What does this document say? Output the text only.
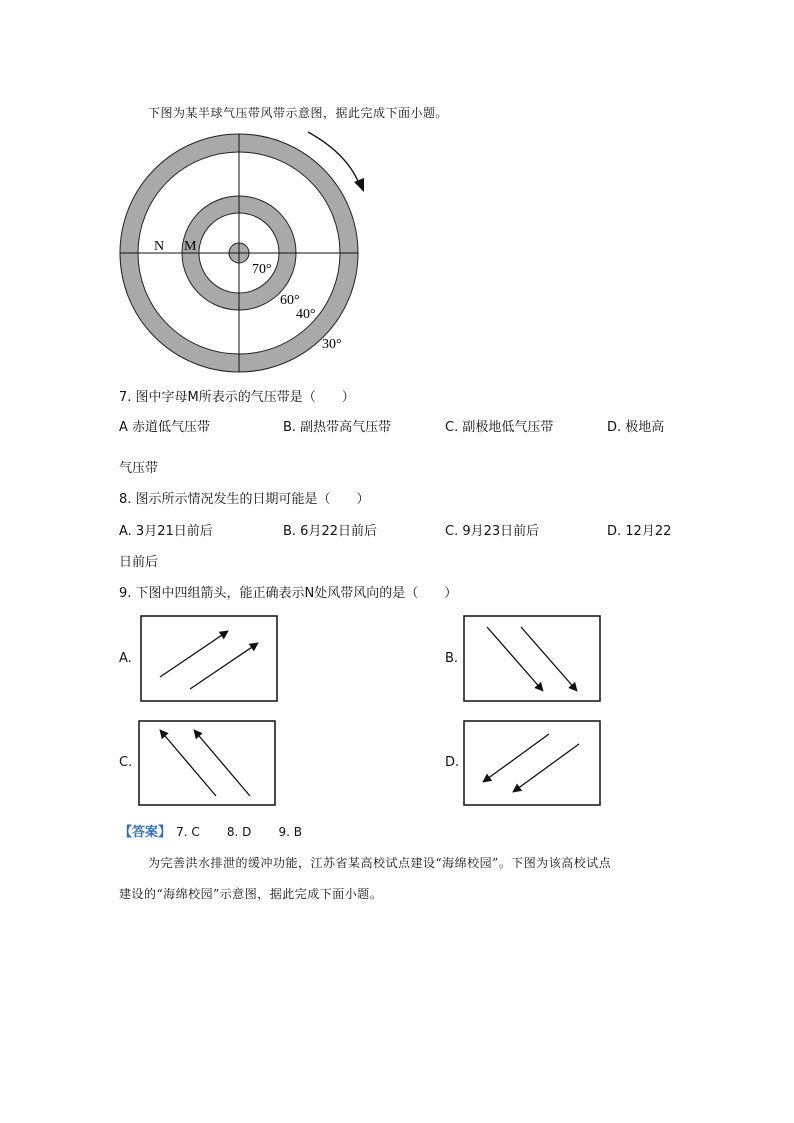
下图为某半球气压带风带示意图，据此完成下面小题。
N M
70°
60°
40°
30°
7. 图中字母M所表示的气压带是（　　）
A 赤道低气压带	B. 副热带高气压带	C. 副极地低气压带	D. 极地高
气压带
8. 图示所示情况发生的日期可能是（　　）
A. 3月21日前后	B. 6月22日前后	C. 9月23日前后	D. 12月22
日前后
9. 下图中四组箭头，能正确表示N处风带风向的是（　　）
A.	B.
C.	D.
【答案】 7. C 8. D 9. B
为完善洪水排泄的缓冲功能，江苏省某高校试点建设“海绵校园”。下图为该高校试点
建设的“海绵校园”示意图，据此完成下面小题。
